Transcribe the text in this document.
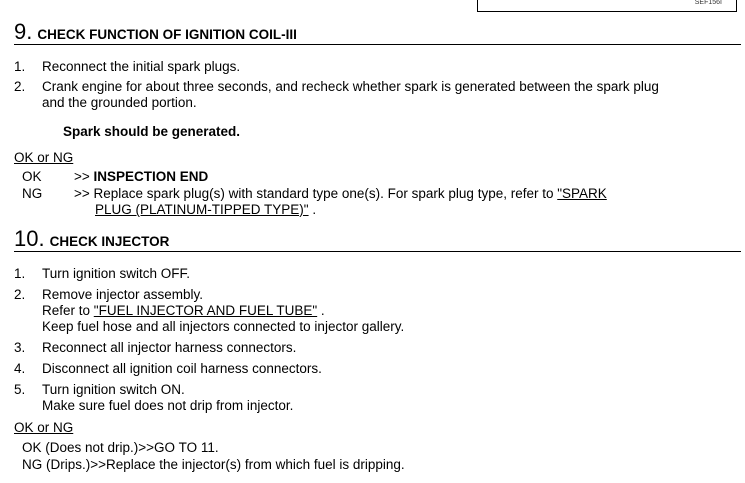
SEF156I
9. CHECK FUNCTION OF IGNITION COIL-III
1.	Reconnect the initial spark plugs.
2.	Crank engine for about three seconds, and recheck whether spark is generated between the spark plug
and the grounded portion.
Spark should be generated.
OK or NG
OK	>> INSPECTION END
NG	>> Replace spark plug(s) with standard type one(s). For spark plug type, refer to "SPARK
PLUG (PLATINUM-TIPPED TYPE)" .
10. CHECK INJECTOR
1.	Turn ignition switch OFF.
2.	Remove injector assembly.
Refer to "FUEL INJECTOR AND FUEL TUBE" .
Keep fuel hose and all injectors connected to injector gallery.
3.	Reconnect all injector harness connectors.
4.	Disconnect all ignition coil harness connectors.
5.	Turn ignition switch ON.
Make sure fuel does not drip from injector.
OK or NG
OK (Does not drip.)>>GO TO 11.
NG (Drips.)>>Replace the injector(s) from which fuel is dripping.
